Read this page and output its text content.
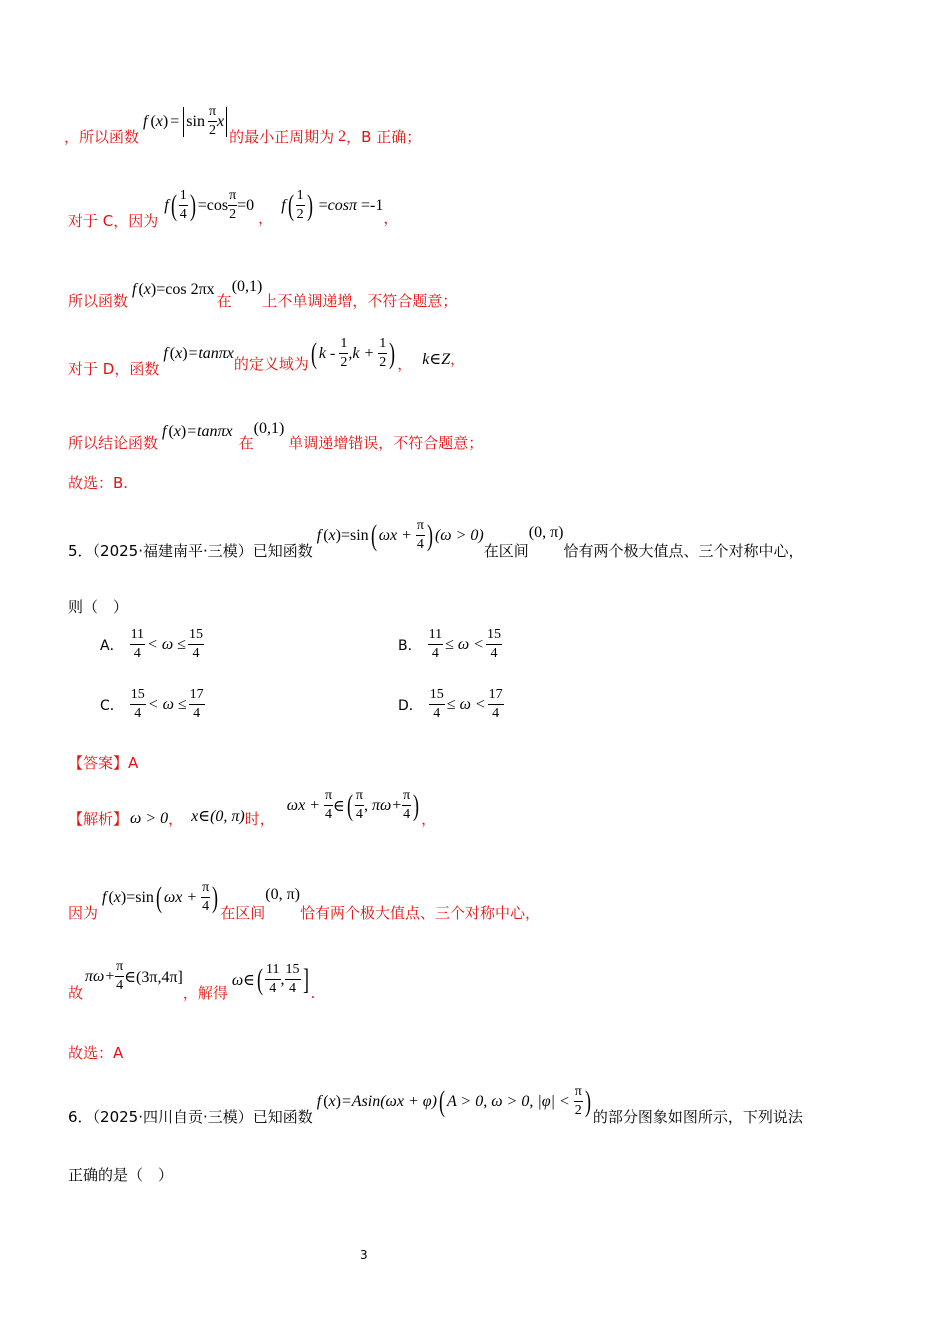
，所以函数
f ( x ) = $\sin \frac{\pi}{2}$ x
的最小正周期为 2 ，B 正确；
对于 C，因为
f ( $\frac{1}{4}$ ) $=\cos \frac{\pi}{2} =0$
，
f ( $\frac{1}{2}$ ) = cosπ =‐1
，
所以函数
f ( x ) =cos 2πx
在
(0,1)
上不单调递增，不符合题意；
对于 D，函数
f ( x ) =tanπx
的定义域为 ( k ‐ $\frac{1}{2} ,k + \frac{1}{2}$ ) ， k∈Z ，
所以结论函数
f ( x ) =tanπx
在
(0,1)
单调递增错误，不符合题意；
故选：B.
5．（2025·福建南平·三模）已知函数
f ( x ) =sin ( $\omega x + \frac{\pi}{4}$ ) (ω > 0)
在区间
(0, π)
恰有两个极大值点、三个对称中心，
则（　）
A． $\frac{11}{4} < \omega \le \frac{15}{4}$	B． $\frac{11}{4} \le \omega < \frac{15}{4}$
C． $\frac{15}{4} < \omega \le \frac{17}{4}$	D． $\frac{15}{4} \le \omega < \frac{17}{4}$
【答案】A
【解析】 ω > 0 ， x∈(0, π) 时，
$\omega x + \frac{\pi}{4}$ ∈ ( $\frac{\pi}{4}$ , $\pi\omega+ \frac{\pi}{4}$ ) ，
因为
f ( x ) =sin ( $\omega x + \frac{\pi}{4}$ ) 在区间
(0, π)
恰有两个极大值点、三个对称中心，
故
$\pi\omega+ \frac{\pi}{4}$ ∈(3π,4π]
，解得
ω∈ ( $\frac{11}{4}$ , $\frac{15}{4}$ ] .
故选：A
6．（2025·四川自贡·三模）已知函数
f ( x ) =Asin(ωx + φ) ( A > 0, ω > 0, $|\varphi| < \frac{\pi}{2}$ ) 的部分图象如图所示，下列说法
正确的是（　）
3
